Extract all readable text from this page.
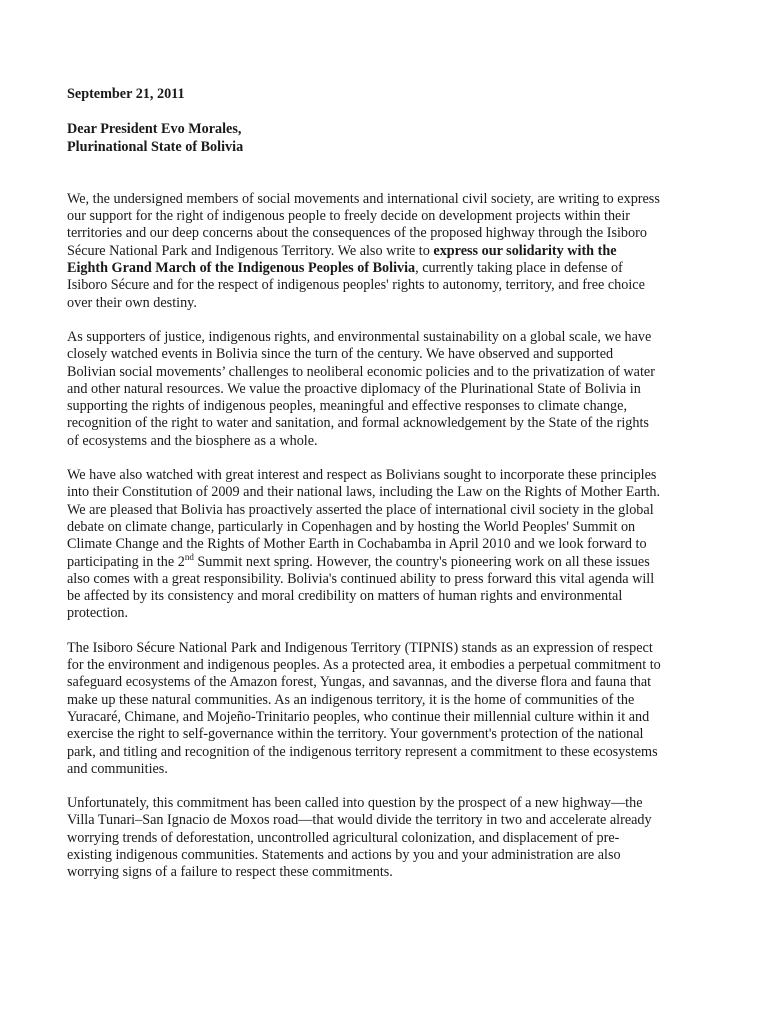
September 21, 2011
Dear President Evo Morales,
Plurinational State of Bolivia
We, the undersigned members of social movements and international civil society, are writing to express
our support for the right of indigenous people to freely decide on development projects within their
territories and our deep concerns about the consequences of the proposed highway through the Isiboro
Sécure National Park and Indigenous Territory. We also write to express our solidarity with the
Eighth Grand March of the Indigenous Peoples of Bolivia, currently taking place in defense of
Isiboro Sécure and for the respect of indigenous peoples' rights to autonomy, territory, and free choice
over their own destiny.
As supporters of justice, indigenous rights, and environmental sustainability on a global scale, we have
closely watched events in Bolivia since the turn of the century. We have observed and supported
Bolivian social movements’ challenges to neoliberal economic policies and to the privatization of water
and other natural resources. We value the proactive diplomacy of the Plurinational State of Bolivia in
supporting the rights of indigenous peoples, meaningful and effective responses to climate change,
recognition of the right to water and sanitation, and formal acknowledgement by the State of the rights
of ecosystems and the biosphere as a whole.
We have also watched with great interest and respect as Bolivians sought to incorporate these principles
into their Constitution of 2009 and their national laws, including the Law on the Rights of Mother Earth.
We are pleased that Bolivia has proactively asserted the place of international civil society in the global
debate on climate change, particularly in Copenhagen and by hosting the World Peoples' Summit on
Climate Change and the Rights of Mother Earth in Cochabamba in April 2010 and we look forward to
participating in the 2nd Summit next spring. However, the country's pioneering work on all these issues
also comes with a great responsibility. Bolivia's continued ability to press forward this vital agenda will
be affected by its consistency and moral credibility on matters of human rights and environmental
protection.
The Isiboro Sécure National Park and Indigenous Territory (TIPNIS) stands as an expression of respect
for the environment and indigenous peoples. As a protected area, it embodies a perpetual commitment to
safeguard ecosystems of the Amazon forest, Yungas, and savannas, and the diverse flora and fauna that
make up these natural communities. As an indigenous territory, it is the home of communities of the
Yuracaré, Chimane, and Mojeño-Trinitario peoples, who continue their millennial culture within it and
exercise the right to self-governance within the territory. Your government's protection of the national
park, and titling and recognition of the indigenous territory represent a commitment to these ecosystems
and communities.
Unfortunately, this commitment has been called into question by the prospect of a new highway—the
Villa Tunari–San Ignacio de Moxos road—that would divide the territory in two and accelerate already
worrying trends of deforestation, uncontrolled agricultural colonization, and displacement of pre-
existing indigenous communities. Statements and actions by you and your administration are also
worrying signs of a failure to respect these commitments.
